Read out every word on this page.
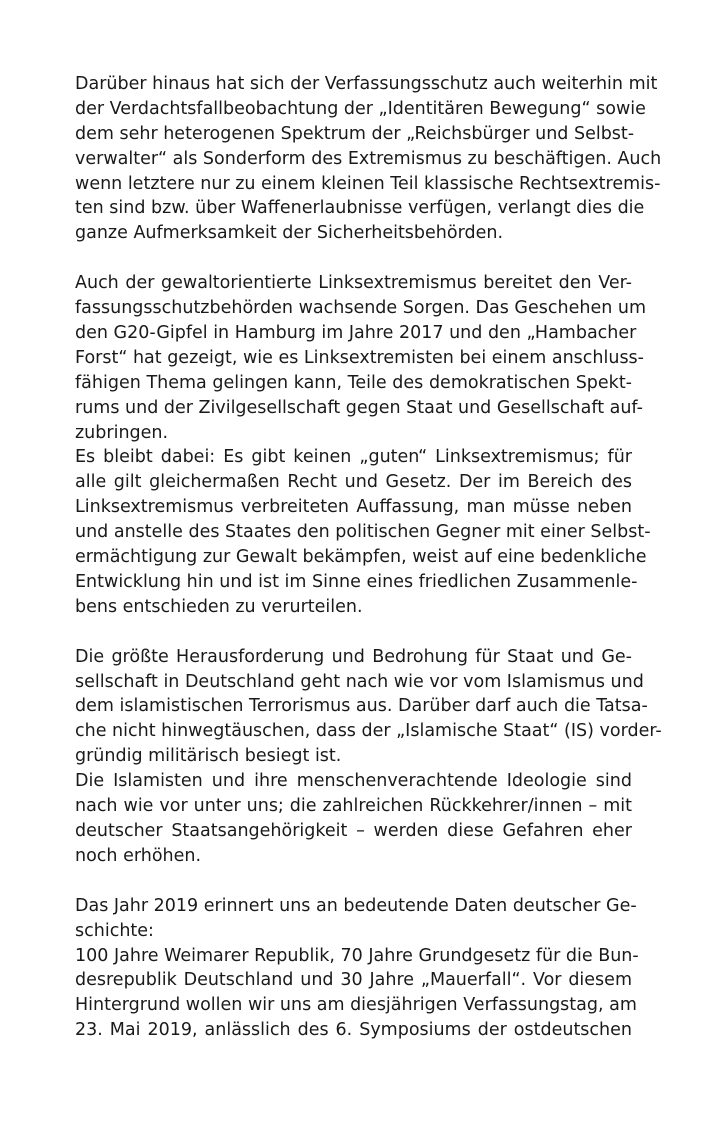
Darüber hinaus hat sich der Verfassungsschutz auch weiterhin mit
der Verdachtsfallbeobachtung der „Identitären Bewegung“ sowie
dem sehr heterogenen Spektrum der „Reichsbürger und Selbst-
verwalter“ als Sonderform des Extremismus zu beschäftigen. Auch
wenn letztere nur zu einem kleinen Teil klassische Rechtsextremis-
ten sind bzw. über Waffenerlaubnisse verfügen, verlangt dies die
ganze Aufmerksamkeit der Sicherheitsbehörden.
Auch der gewaltorientierte Linksextremismus bereitet den Ver-
fassungsschutzbehörden wachsende Sorgen. Das Geschehen um
den G20-Gipfel in Hamburg im Jahre 2017 und den „Hambacher
Forst“ hat gezeigt, wie es Linksextremisten bei einem anschluss-
fähigen Thema gelingen kann, Teile des demokratischen Spekt-
rums und der Zivilgesellschaft gegen Staat und Gesellschaft auf-
zubringen.
Es bleibt dabei: Es gibt keinen „guten“ Linksextremismus; für
alle gilt gleichermaßen Recht und Gesetz. Der im Bereich des
Linksextremismus verbreiteten Auffassung, man müsse neben
und anstelle des Staates den politischen Gegner mit einer Selbst-
ermächtigung zur Gewalt bekämpfen, weist auf eine bedenkliche
Entwicklung hin und ist im Sinne eines friedlichen Zusammenle-
bens entschieden zu verurteilen.
Die größte Herausforderung und Bedrohung für Staat und Ge-
sellschaft in Deutschland geht nach wie vor vom Islamismus und
dem islamistischen Terrorismus aus. Darüber darf auch die Tatsa-
che nicht hinwegtäuschen, dass der „Islamische Staat“ (IS) vorder-
gründig militärisch besiegt ist.
Die Islamisten und ihre menschenverachtende Ideologie sind
nach wie vor unter uns; die zahlreichen Rückkehrer/innen – mit
deutscher Staatsangehörigkeit – werden diese Gefahren eher
noch erhöhen.
Das Jahr 2019 erinnert uns an bedeutende Daten deutscher Ge-
schichte:
100 Jahre Weimarer Republik, 70 Jahre Grundgesetz für die Bun-
desrepublik Deutschland und 30 Jahre „Mauerfall“. Vor diesem
Hintergrund wollen wir uns am diesjährigen Verfassungstag, am
23. Mai 2019, anlässlich des 6. Symposiums der ostdeutschen
